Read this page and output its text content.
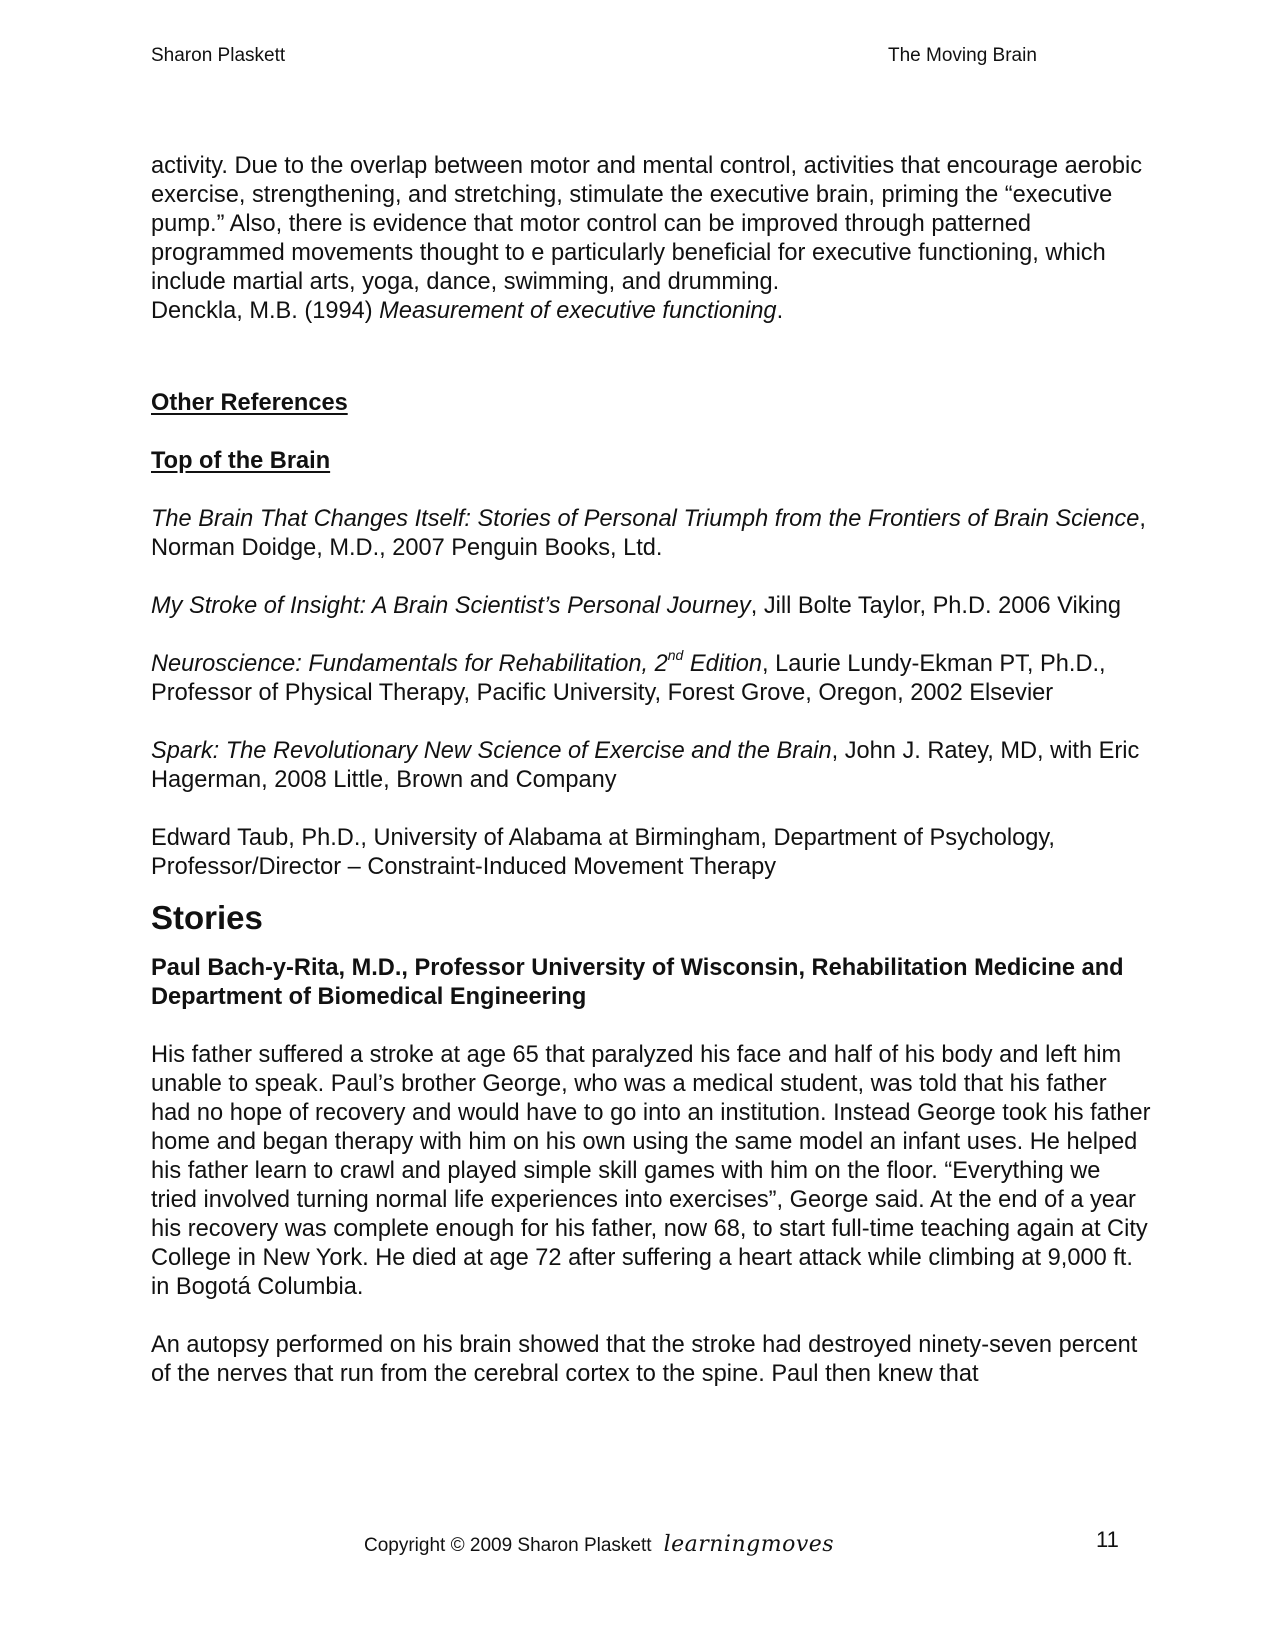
Sharon Plaskett	The Moving Brain

activity. Due to the overlap between motor and mental control, activities that encourage aerobic exercise, strengthening, and stretching, stimulate the executive brain, priming the “executive pump.” Also, there is evidence that motor control can be improved through patterned programmed movements thought to e particularly beneficial for executive functioning, which include martial arts, yoga, dance, swimming, and drumming.

Denckla, M.B. (1994) Measurement of executive functioning.

Other References

Top of the Brain

The Brain That Changes Itself: Stories of Personal Triumph from the Frontiers of Brain Science, Norman Doidge, M.D., 2007 Penguin Books, Ltd.

My Stroke of Insight: A Brain Scientist’s Personal Journey, Jill Bolte Taylor, Ph.D. 2006 Viking

Neuroscience: Fundamentals for Rehabilitation, 2nd Edition, Laurie Lundy-Ekman PT, Ph.D., Professor of Physical Therapy, Pacific University, Forest Grove, Oregon, 2002 Elsevier

Spark: The Revolutionary New Science of Exercise and the Brain, John J. Ratey, MD, with Eric Hagerman, 2008 Little, Brown and Company

Edward Taub, Ph.D., University of Alabama at Birmingham, Department of Psychology, Professor/Director – Constraint-Induced Movement Therapy

Stories

Paul Bach-y-Rita, M.D., Professor University of Wisconsin, Rehabilitation Medicine and Department of Biomedical Engineering

His father suffered a stroke at age 65 that paralyzed his face and half of his body and left him unable to speak. Paul’s brother George, who was a medical student, was told that his father had no hope of recovery and would have to go into an institution. Instead George took his father home and began therapy with him on his own using the same model an infant uses. He helped his father learn to crawl and played simple skill games with him on the floor. “Everything we tried involved turning normal life experiences into exercises”, George said. At the end of a year his recovery was complete enough for his father, now 68, to start full-time teaching again at City College in New York. He died at age 72 after suffering a heart attack while climbing at 9,000 ft. in Bogotá Columbia.

An autopsy performed on his brain showed that the stroke had destroyed ninety-seven percent of the nerves that run from the cerebral cortex to the spine. Paul then knew that

Copyright © 2009 Sharon Plaskett learningmoves	11
